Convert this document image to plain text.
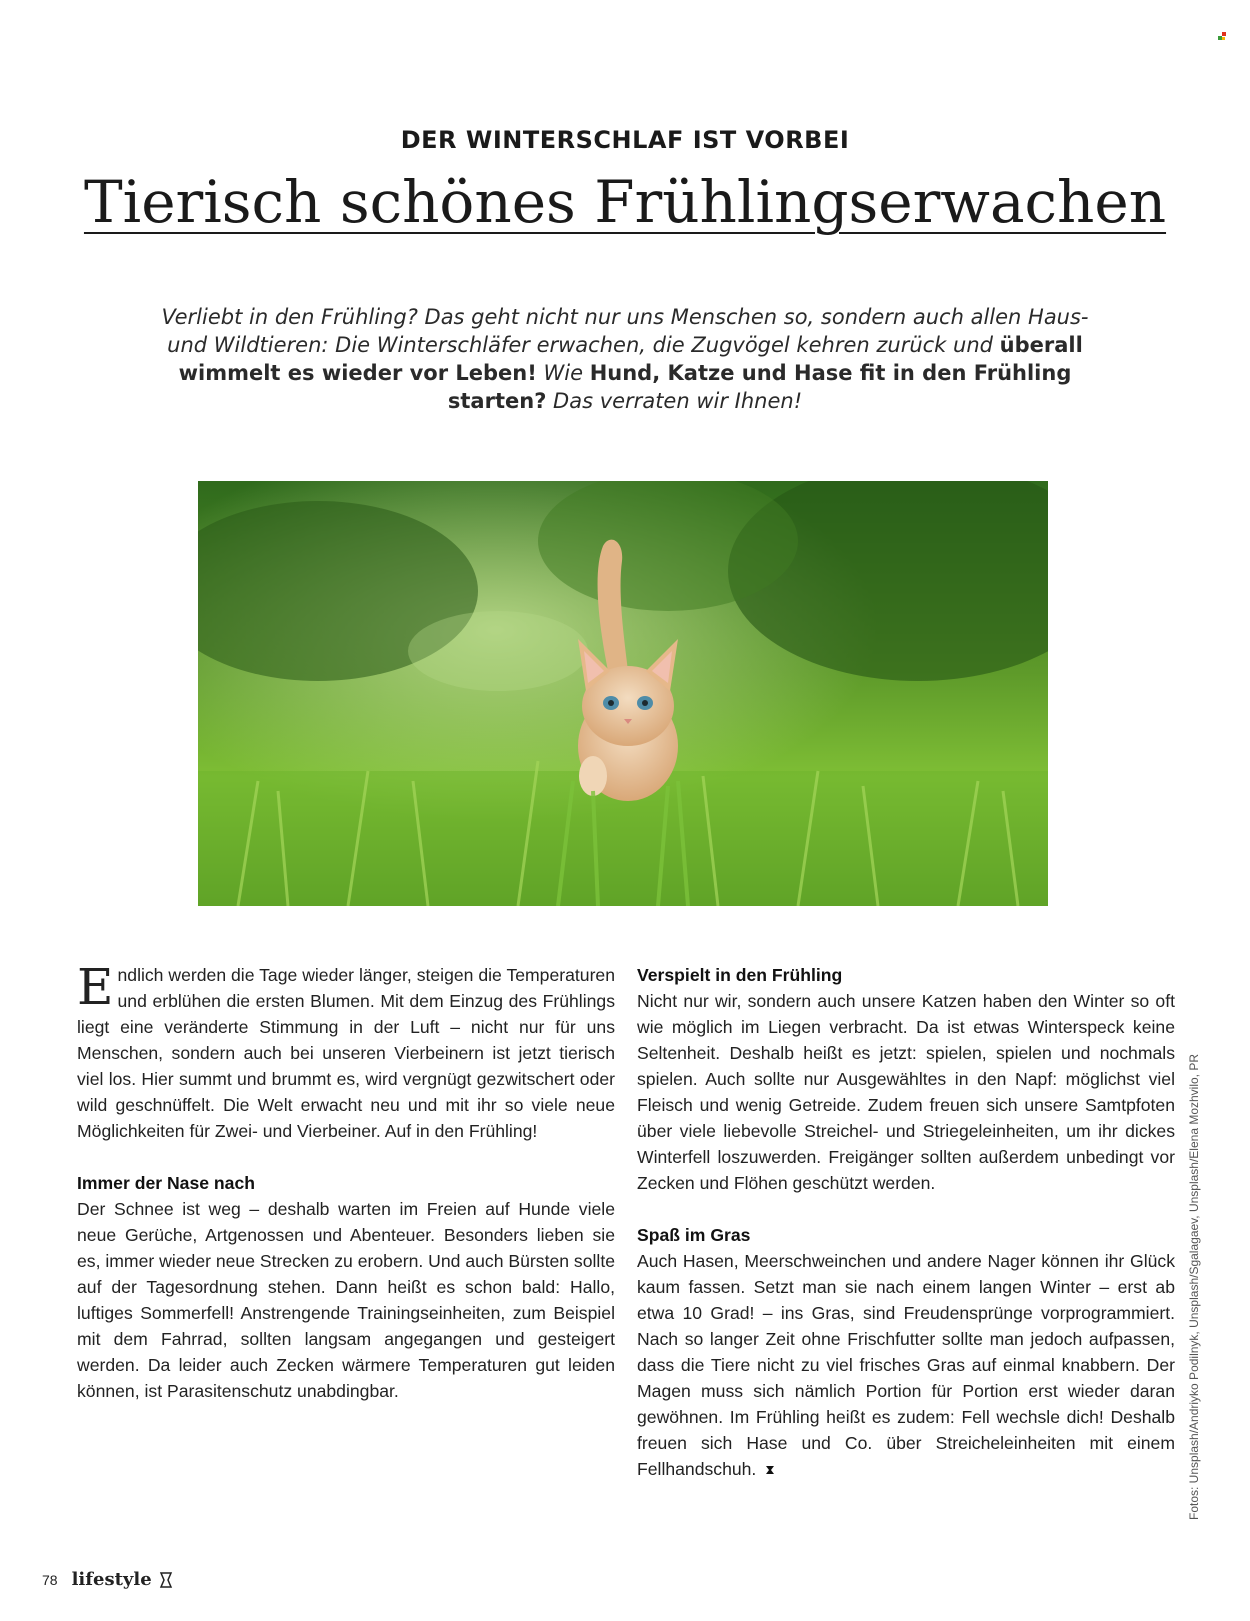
DER WINTERSCHLAF IST VORBEI
Tierisch schönes Frühlingserwachen
Verliebt in den Frühling? Das geht nicht nur uns Menschen so, sondern auch allen Haus- und Wildtieren: Die Winterschläfer erwachen, die Zugvögel kehren zurück und überall wimmelt es wieder vor Leben! Wie Hund, Katze und Hase fit in den Frühling starten? Das verraten wir Ihnen!

Endlich werden die Tage wieder länger, steigen die Temperaturen und erblühen die ersten Blumen. Mit dem Einzug des Frühlings liegt eine veränderte Stimmung in der Luft – nicht nur für uns Menschen, sondern auch bei unseren Vierbeinern ist jetzt tierisch viel los. Hier summt und brummt es, wird vergnügt gezwitschert oder wild geschnüffelt. Die Welt erwacht neu und mit ihr so viele neue Möglichkeiten für Zwei- und Vierbeiner. Auf in den Frühling!

Immer der Nase nach

Der Schnee ist weg – deshalb warten im Freien auf Hunde viele neue Gerüche, Artgenossen und Abenteuer. Besonders lieben sie es, immer wieder neue Strecken zu erobern. Und auch Bürsten sollte auf der Tagesordnung stehen. Dann heißt es schon bald: Hallo, luftiges Sommerfell! Anstrengende Trainingseinheiten, zum Beispiel mit dem Fahrrad, sollten langsam angegangen und gesteigert werden. Da leider auch Zecken wärmere Temperaturen gut leiden können, ist Parasitenschutz unabdingbar.

Verspielt in den Frühling

Nicht nur wir, sondern auch unsere Katzen haben den Winter so oft wie möglich im Liegen verbracht. Da ist etwas Winterspeck keine Seltenheit. Deshalb heißt es jetzt: spielen, spielen und nochmals spielen. Auch sollte nur Ausgewähltes in den Napf: möglichst viel Fleisch und wenig Getreide. Zudem freuen sich unsere Samtpfoten über viele liebevolle Streichel- und Striegeleinheiten, um ihr dickes Winterfell loszuwerden. Freigänger sollten außerdem unbedingt vor Zecken und Flöhen geschützt werden.

Spaß im Gras

Auch Hasen, Meerschweinchen und andere Nager können ihr Glück kaum fassen. Setzt man sie nach einem langen Winter – erst ab etwa 10 Grad! – ins Gras, sind Freudensprünge vorprogrammiert. Nach so langer Zeit ohne Frischfutter sollte man jedoch aufpassen, dass die Tiere nicht zu viel frisches Gras auf einmal knabbern. Der Magen muss sich nämlich Portion für Portion erst wieder daran gewöhnen. Im Frühling heißt es zudem: Fell wechsle dich! Deshalb freuen sich Hase und Co. über Streicheleinheiten mit einem Fellhandschuh.	Fotos: Unsplash/Andriyko Podilnyk, Unsplash/Sgalagaev, Unsplash/Elena Mozhvilo, PR
78 lifestyle
